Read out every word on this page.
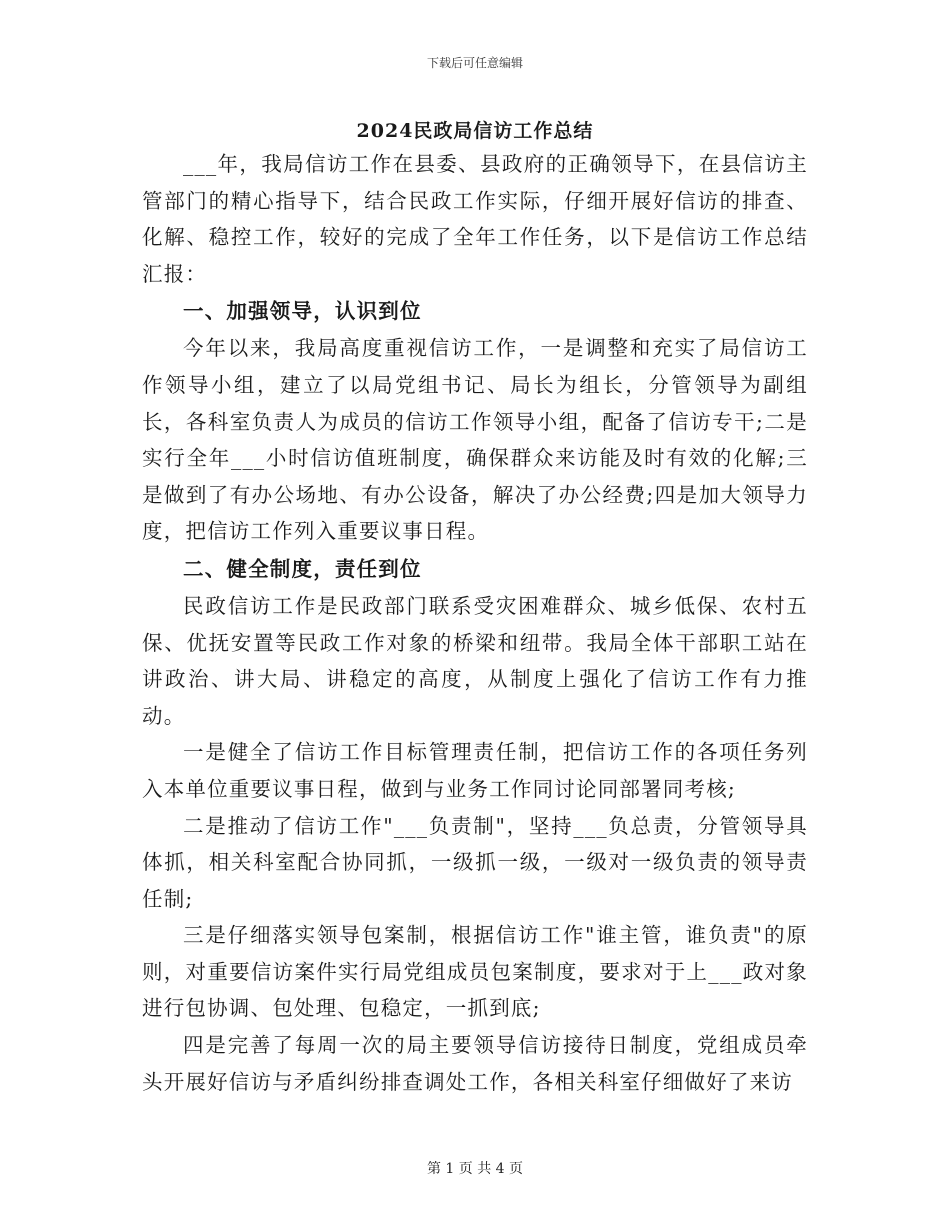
下载后可任意编辑
2024民政局信访工作总结

___年，我局信访工作在县委、县政府的正确领导下，在县信访主管部门的精心指导下，结合民政工作实际，仔细开展好信访的排查、化解、稳控工作，较好的完成了全年工作任务，以下是信访工作总结汇报：

一、加强领导，认识到位

今年以来，我局高度重视信访工作，一是调整和充实了局信访工作领导小组，建立了以局党组书记、局长为组长，分管领导为副组长，各科室负责人为成员的信访工作领导小组，配备了信访专干;二是实行全年___小时信访值班制度，确保群众来访能及时有效的化解;三是做到了有办公场地、有办公设备，解决了办公经费;四是加大领导力度，把信访工作列入重要议事日程。

二、健全制度，责任到位

民政信访工作是民政部门联系受灾困难群众、城乡低保、农村五保、优抚安置等民政工作对象的桥梁和纽带。我局全体干部职工站在讲政治、讲大局、讲稳定的高度，从制度上强化了信访工作有力推动。

一是健全了信访工作目标管理责任制，把信访工作的各项任务列入本单位重要议事日程，做到与业务工作同讨论同部署同考核;

二是推动了信访工作"___负责制"，坚持___负总责，分管领导具体抓，相关科室配合协同抓，一级抓一级，一级对一级负责的领导责任制;

三是仔细落实领导包案制，根据信访工作"谁主管，谁负责"的原则，对重要信访案件实行局党组成员包案制度，要求对于上___政对象进行包协调、包处理、包稳定，一抓到底;

四是完善了每周一次的局主要领导信访接待日制度，党组成员牵头开展好信访与矛盾纠纷排查调处工作，各相关科室仔细做好了来访

第 1 页 共 4 页
